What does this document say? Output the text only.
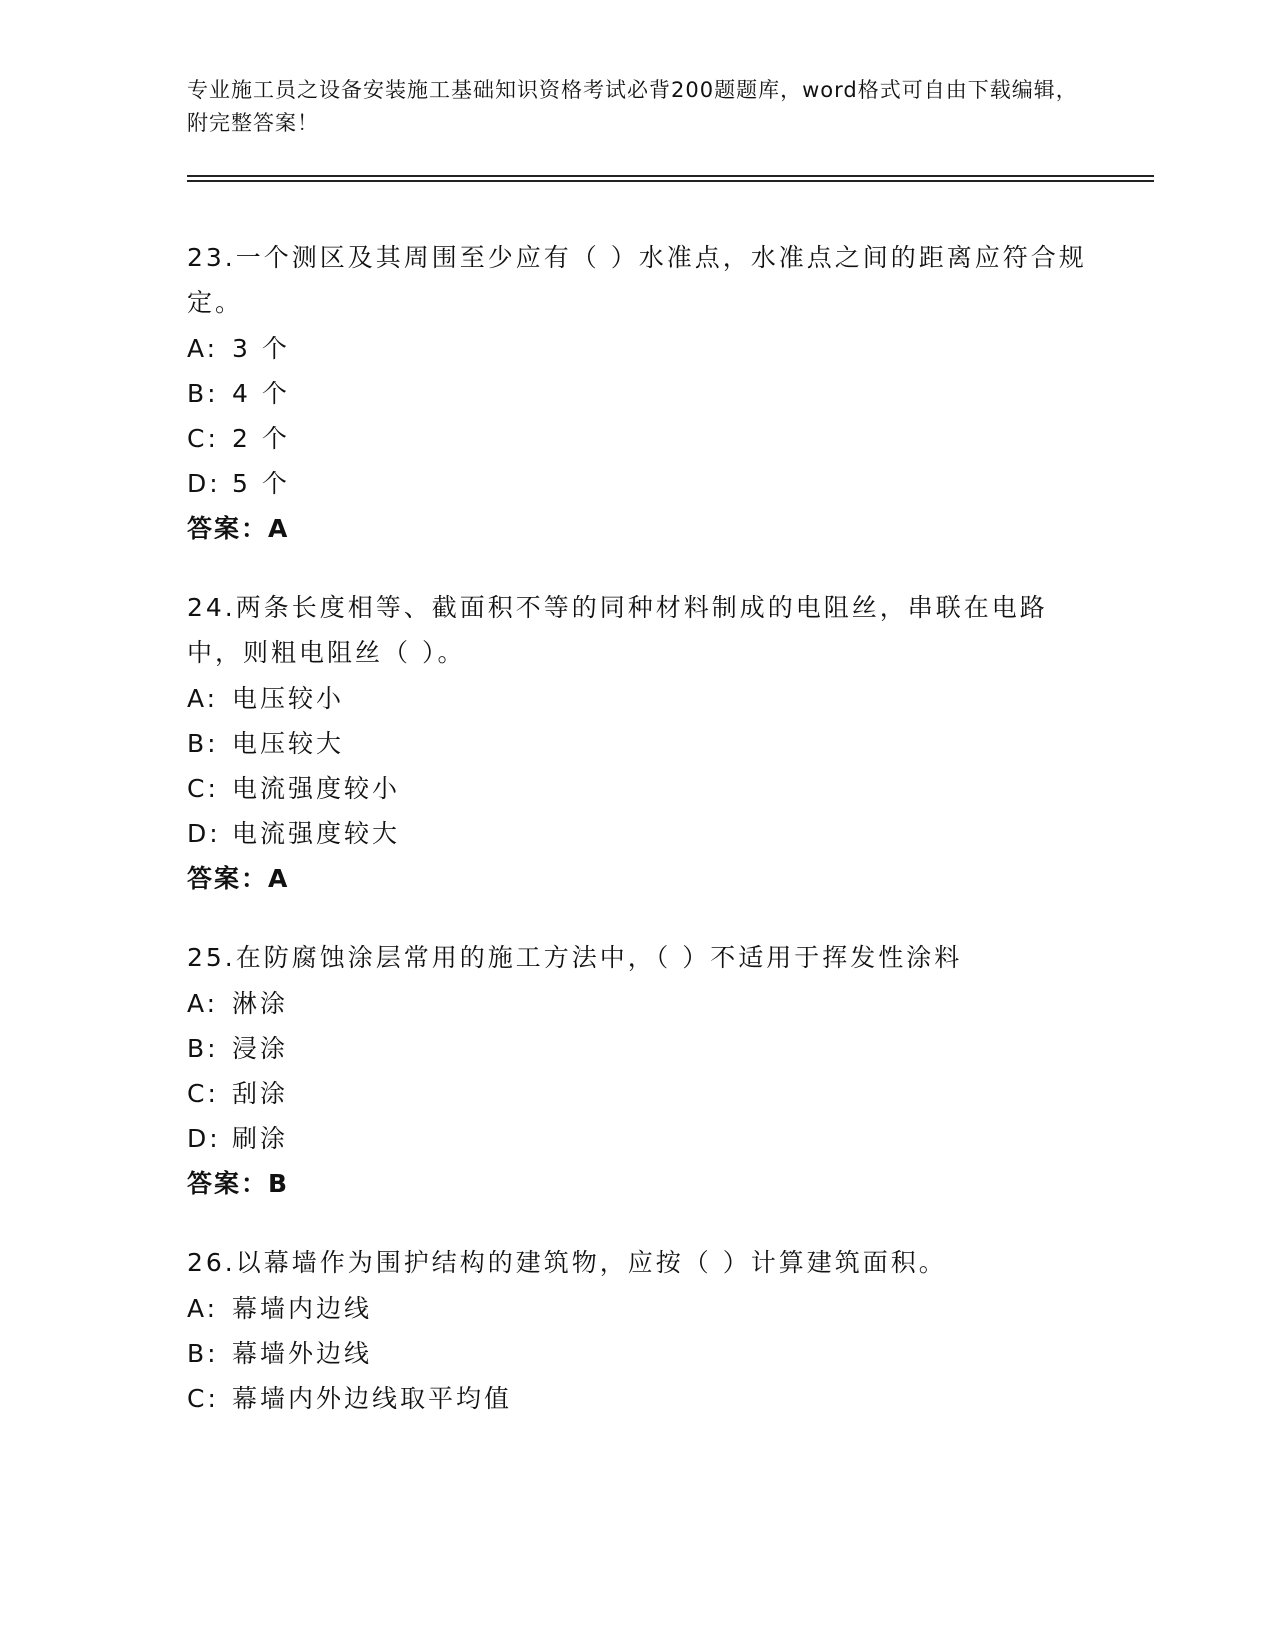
专业施工员之设备安装施工基础知识资格考试必背200题题库，word格式可自由下载编辑，附完整答案！
23.一个测区及其周围至少应有（ ）水准点，水准点之间的距离应符合规定。
A: 3 个
B: 4 个
C: 2 个
D: 5 个
答案：A
24.两条长度相等、截面积不等的同种材料制成的电阻丝，串联在电路中，则粗电阻丝（ ）。
A: 电压较小
B: 电压较大
C: 电流强度较小
D: 电流强度较大
答案：A
25.在防腐蚀涂层常用的施工方法中，（ ）不适用于挥发性涂料
A: 淋涂
B: 浸涂
C: 刮涂
D: 刷涂
答案：B
26.以幕墙作为围护结构的建筑物，应按（ ）计算建筑面积。
A: 幕墙内边线
B: 幕墙外边线
C: 幕墙内外边线取平均值
